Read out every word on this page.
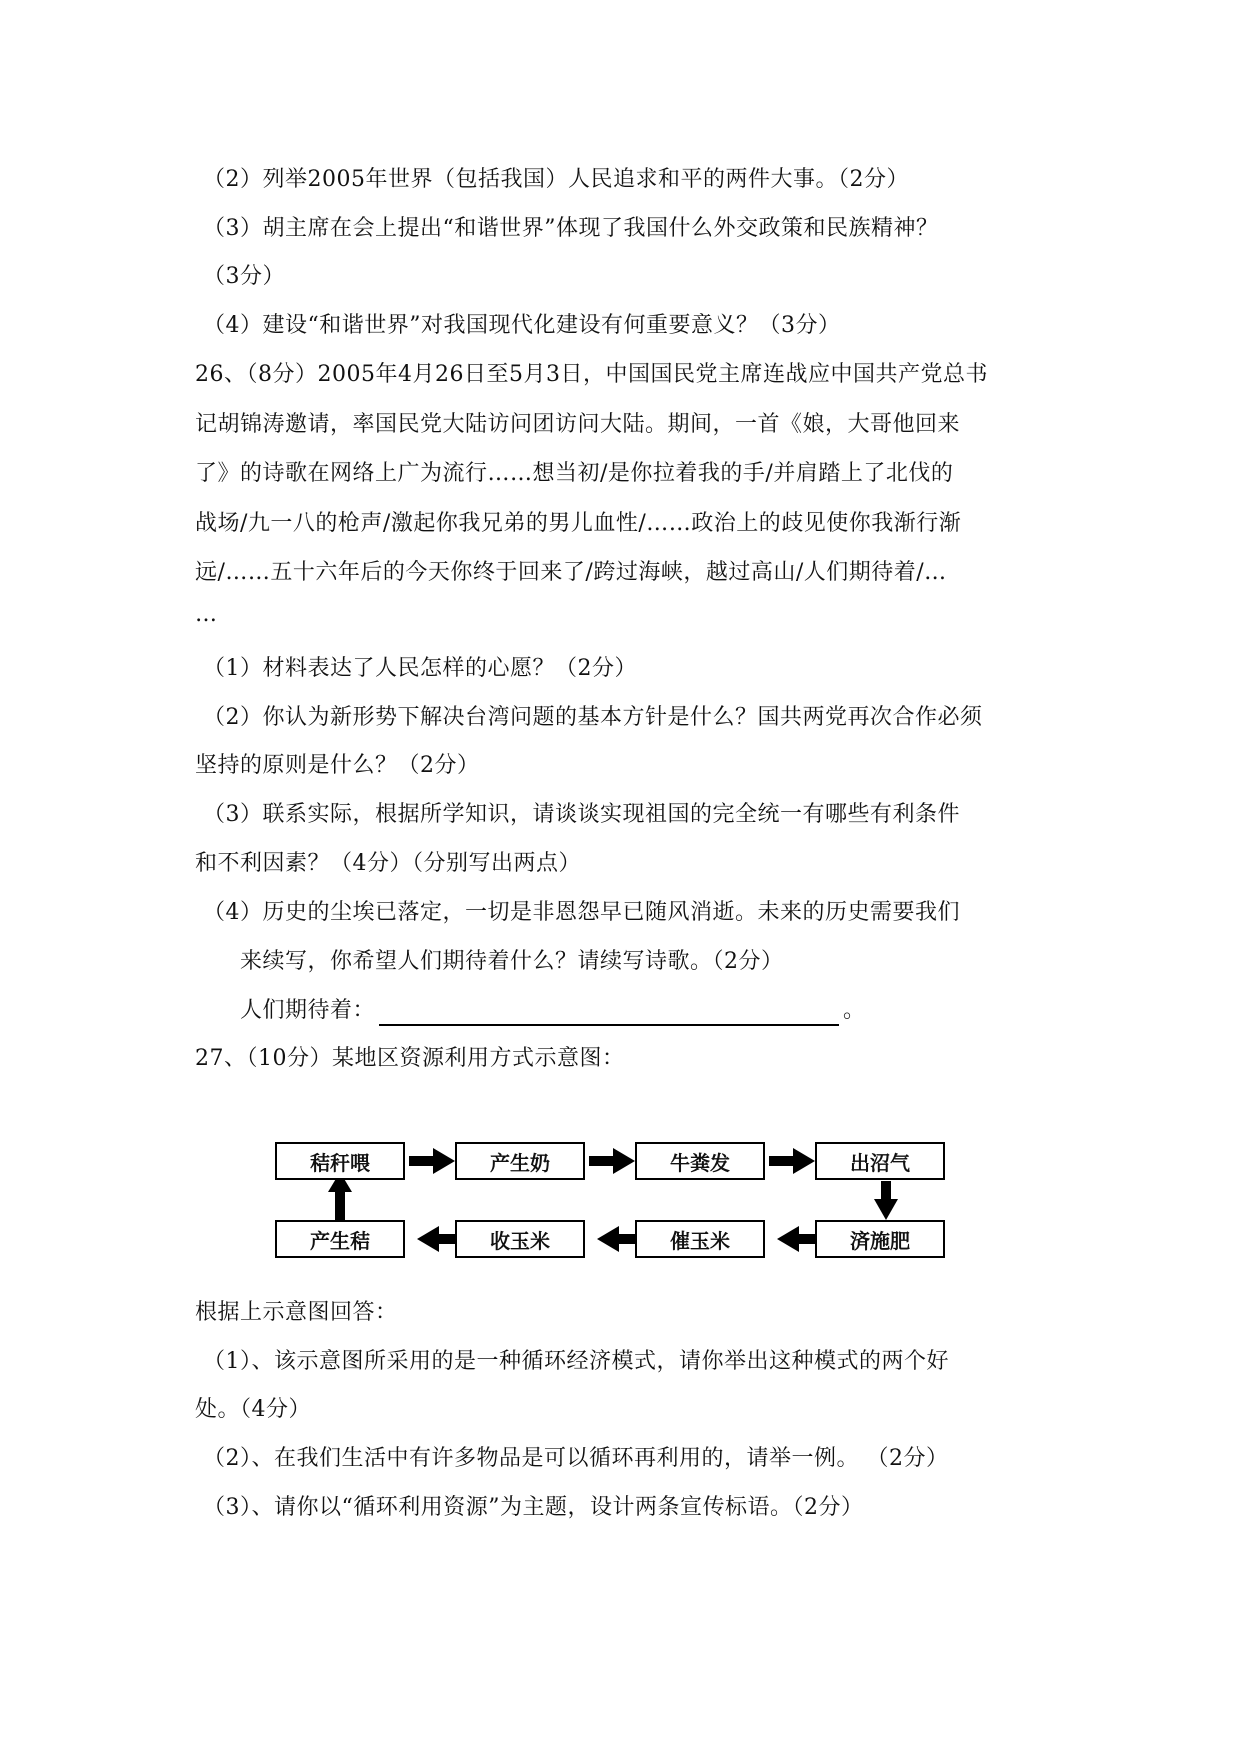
（2）列举2005年世界（包括我国）人民追求和平的两件大事。（2分）
（3）胡主席在会上提出“和谐世界”体现了我国什么外交政策和民族精神？
（3分）
（4）建设“和谐世界”对我国现代化建设有何重要意义？（3分）
26、（8分）2005年4月26日至5月3日，中国国民党主席连战应中国共产党总书
记胡锦涛邀请，率国民党大陆访问团访问大陆。期间，一首《娘，大哥他回来
了》的诗歌在网络上广为流行……想当初/是你拉着我的手/并肩踏上了北伐的
战场/九一八的枪声/激起你我兄弟的男儿血性/……政治上的歧见使你我渐行渐
远/……五十六年后的今天你终于回来了/跨过海峡，越过高山/人们期待着/…
…
（1）材料表达了人民怎样的心愿？（2分）
（2）你认为新形势下解决台湾问题的基本方针是什么？国共两党再次合作必须
坚持的原则是什么？（2分）
（3）联系实际，根据所学知识，请谈谈实现祖国的完全统一有哪些有利条件
和不利因素？（4分）（分别写出两点）
（4）历史的尘埃已落定，一切是非恩怨早已随风消逝。未来的历史需要我们
来续写，你希望人们期待着什么？请续写诗歌。（2分）
人们期待着：	。
27、（10分）某地区资源利用方式示意图：
秸秆喂	产生奶	牛粪发	出沼气
产生秸	收玉米	催玉米	済施肥
根据上示意图回答：
（1）、该示意图所采用的是一种循环经济模式，请你举出这种模式的两个好
处。（4分）
（2）、在我们生活中有许多物品是可以循环再利用的，请举一例。 （2分）
（3）、请你以“循环利用资源”为主题，设计两条宣传标语。（2分）
